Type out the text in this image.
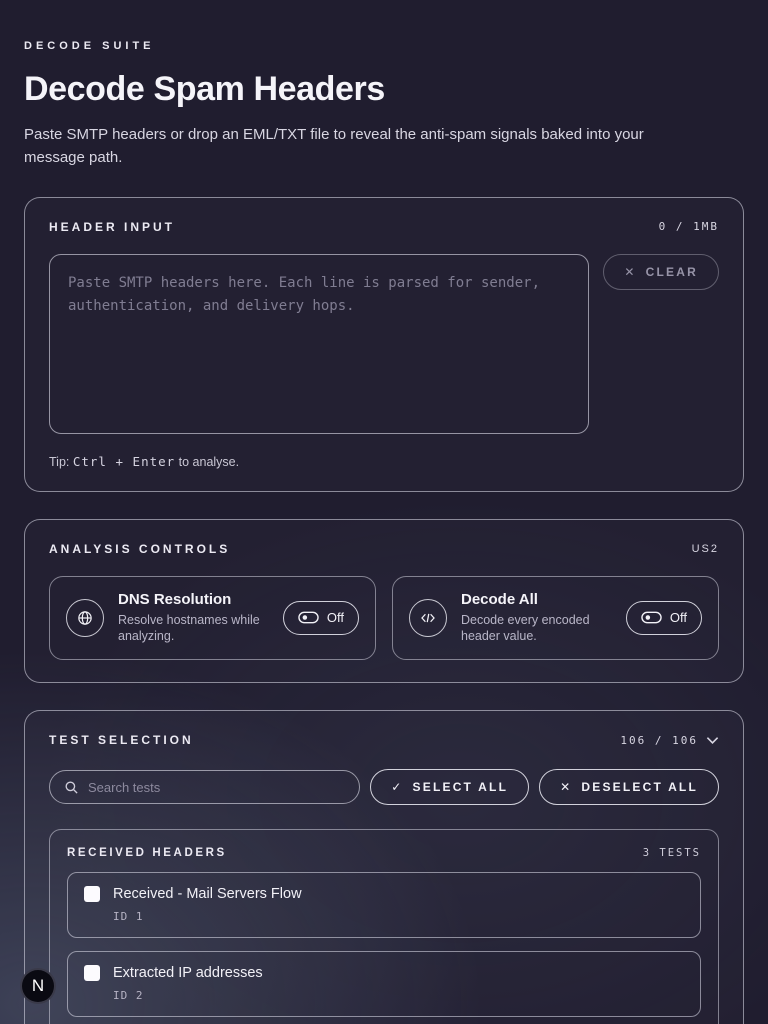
DECODE SUITE
Decode Spam Headers

Paste SMTP headers or drop an EML/TXT file to reveal the anti-spam signals baked into your message path.

HEADER INPUT	0 / 1MB
Paste SMTP headers here. Each line is parsed for sender, authentication, and delivery hops.
✕ CLEAR
Tip: Ctrl + Enter to analyse.
ANALYSIS CONTROLS	US2
DNS Resolution
Resolve hostnames while analyzing.
Off
Decode All
Decode every encoded header value.
Off
TEST SELECTION	106 / 106
Search tests
✓ SELECT ALL	✕ DESELECT ALL
RECEIVED HEADERS	3 TESTS
Received - Mail Servers Flow
ID 1
Extracted IP addresses
ID 2
N
